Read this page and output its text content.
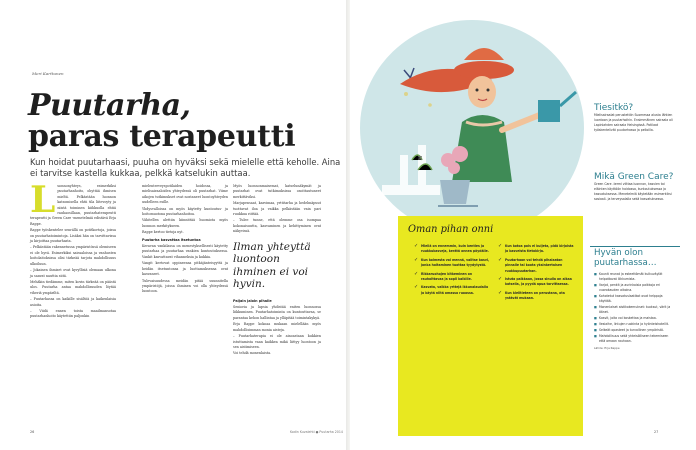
Meri Karttunen
Puutarha,
paras terapeutti
Kun hoidat puutarhaasi, puuha on hyväksi sekä mielelle että keholle. Aina ei tarvitse kastella kukkaa, pelkkä katselukin auttaa.

Luonnonyhteys, esimerkiksi puutarhanhoito, ohyttää ihmisen mieltä. Pelkästään luonnon katsomisella ehtii tila liitevoyty ja niistä toiminen kiihkuolla ehtiä rauhaosillaan, puutarhaterapeutti terapeutti ja Green Care -menetelmiä edistävä Erja Rappe.

Rappe työskentelee senrällä on potitkortoja, joissa on puutarhatoimintoja. Lisäksi hän on tarvittavissa ja kirjoittaa puutarhasta.

– Pelkästään rakennetussa ympäristössä olemiseen ei ole hyvä. Esimerkiksi sairaaloissa ja vanhusten hoitolaitoksissa olisi tärkeää tarjota mahdollisuus ulkoiluun.

– Jokainen ihmiset ovat kyvyllisiä olemaan ulkona ja saavat nauttia siitä.

Mehäkin tiedämme, miten kovin tärkeää on päästä ulos. Puutarha antaa mahdollisuuden löytää viheriä ympäriltä.

– Puutarhassa on kaikille sisältöä ja kaikenlaisia asioita.

– Viidä ennen toista maailmansotaa puutarhanhoito käytettiin paljonkin

mielenterveyspotilaiden hoidossa, ja mielisairaaloiden yhteydessä oli puutarhat. Viime aikojen tutkimukset ovat nostaneet luontoyhteyden uudelleen esille.

Yhdysvalloissa on myös käytetty kuntoutus- ja hoitomuotona puutarhanhoitoa.

Vähitellen alettiin kiinnittää huomiota myös luonnon merkitykseen.

Rappe kertoo tietoja nyt.

Puutarha kasvattaa itsetuntoa

Keravan vankilassa on menestyksellisesti käytetty puutarhaa ja puutarhaa vankien kuntoutuksessa. Vankit kasvattavat vihanneksia ja kukkia.

Vangit kertovat oppineensa pitkäjänteisyyttä ja heidän itsetuntonsa ja luottamuksensa ovat kasvaneet.

Tulevaisuudessa meidän pitää suunnitella ympäristöjä, joissa ihminen voi olla yhteydessä luontoon.

Myös luonnonmaisemat, katselunäkymät ja puutarhat ovat tutkimuksissa osoittautuneet merkittäviksi.

Marjapensaat, kasvimaa, yrttitarha ja hedelmäpuut tuottavat iloa ja vaikka pelkästään vain pari ruukkua riittää.

– Tulee tunne, että olemme osa isompaa kokonaisuutta, kasvaminen ja kehittyminen ovat näkyvissä.

Ilman yhteyttä luontoon ihminen ei voi hyvin.
Paljain jaloin pihalle

Senioria ja lapsia yhdistää eniten luonnossa liikkuminen. Puutarhatoiminta on kuntouttavaa, se parantaa kehon hallintaa ja ylläpitää toimintakykyä.

Erja Rappe kokoaa mukaan mielellään myös mahdollisimman monia aisteja.

– Puutarhaterapia ei ole ainoastaan kukkien istuttamista vaan kaikkea mikä liittyy luontoon ja sen aistimiseen.

Voi tehdä monenlaista.

H
Oman pihan onni
✓ Mieliä on ennemmin, kuin kenties ja ruukkukasveja, kerätä onnea pöydälle.
✓ Kun kolmesta voi mennä, valitse kasvi, jonka hoitaminen tuottaa tyydytystä.
✓ Rikkaruohojen kitkeminen on rauhoittavaa ja sopii kaikille.
✓ Kasvata, vaikka yrttejä ikkunalaudalla ja käytä niitä omassa ruoassa.
✓ Kun kotoa pois ei kuljeta, pidä kirjoista ja kasveista tietokirja.
✓ Puutarhaan voi tehdä pihalaatan pinnalle tai koota yksinkertaisen ruukkupuutarhan.
✓ Istuta paikkaan, jossa sinulla on aikaa katsella, ja pyydä apua tarvittaessa.
✓ Kun kielitieteen on perustana, ota ystävät mukaan.
Tiesitkö?
Mielisairaalat perustettiin Suomessa alusta lähtien luontoon ja puutarhoihin. Ensimmäinen sairaala oli Lapinlahden sairaala Helsingissä. Potilaat työskentelivät puutarhassa ja pelloilla.
Mikä Green Care?
Green Care -termi viittaa luonnon, kasvien tai eläinten käyttöön hoidossa, kuntoutuksessa ja kasvatuksessa. Menetelmiä käytetään esimerkiksi sosiaali- ja terveysalalla sekä kasvatuksessa.
Hyvän olon puutarhassa…
■ Kaunit reunat ja esteettömät kulkuväylät helpottavat liikkumista.
■ Varjot, penkit ja aurinkoisia paikkoja eri vuorokauden aikoina.
■ Kohotetut kasvatuslaatikot ovat helppoja käyttää.
■ Monenlaiset aistikokemukset: tuoksut, värit ja äänet.
■ Kasvit, joita voi koskettaa ja maistaa.
■ Vesiaihe, lintujen ruokinta ja hyönteishotellit.
■ Selkeät opasteet ja turvallinen ympäristö.
■ Mahdollisuus sekä yhteisölliseen tekemiseen että omaan rauhaan.
Lähde: Erja Rappe
26	Kodin Kuvalehti ● Puutarha 2014	27
